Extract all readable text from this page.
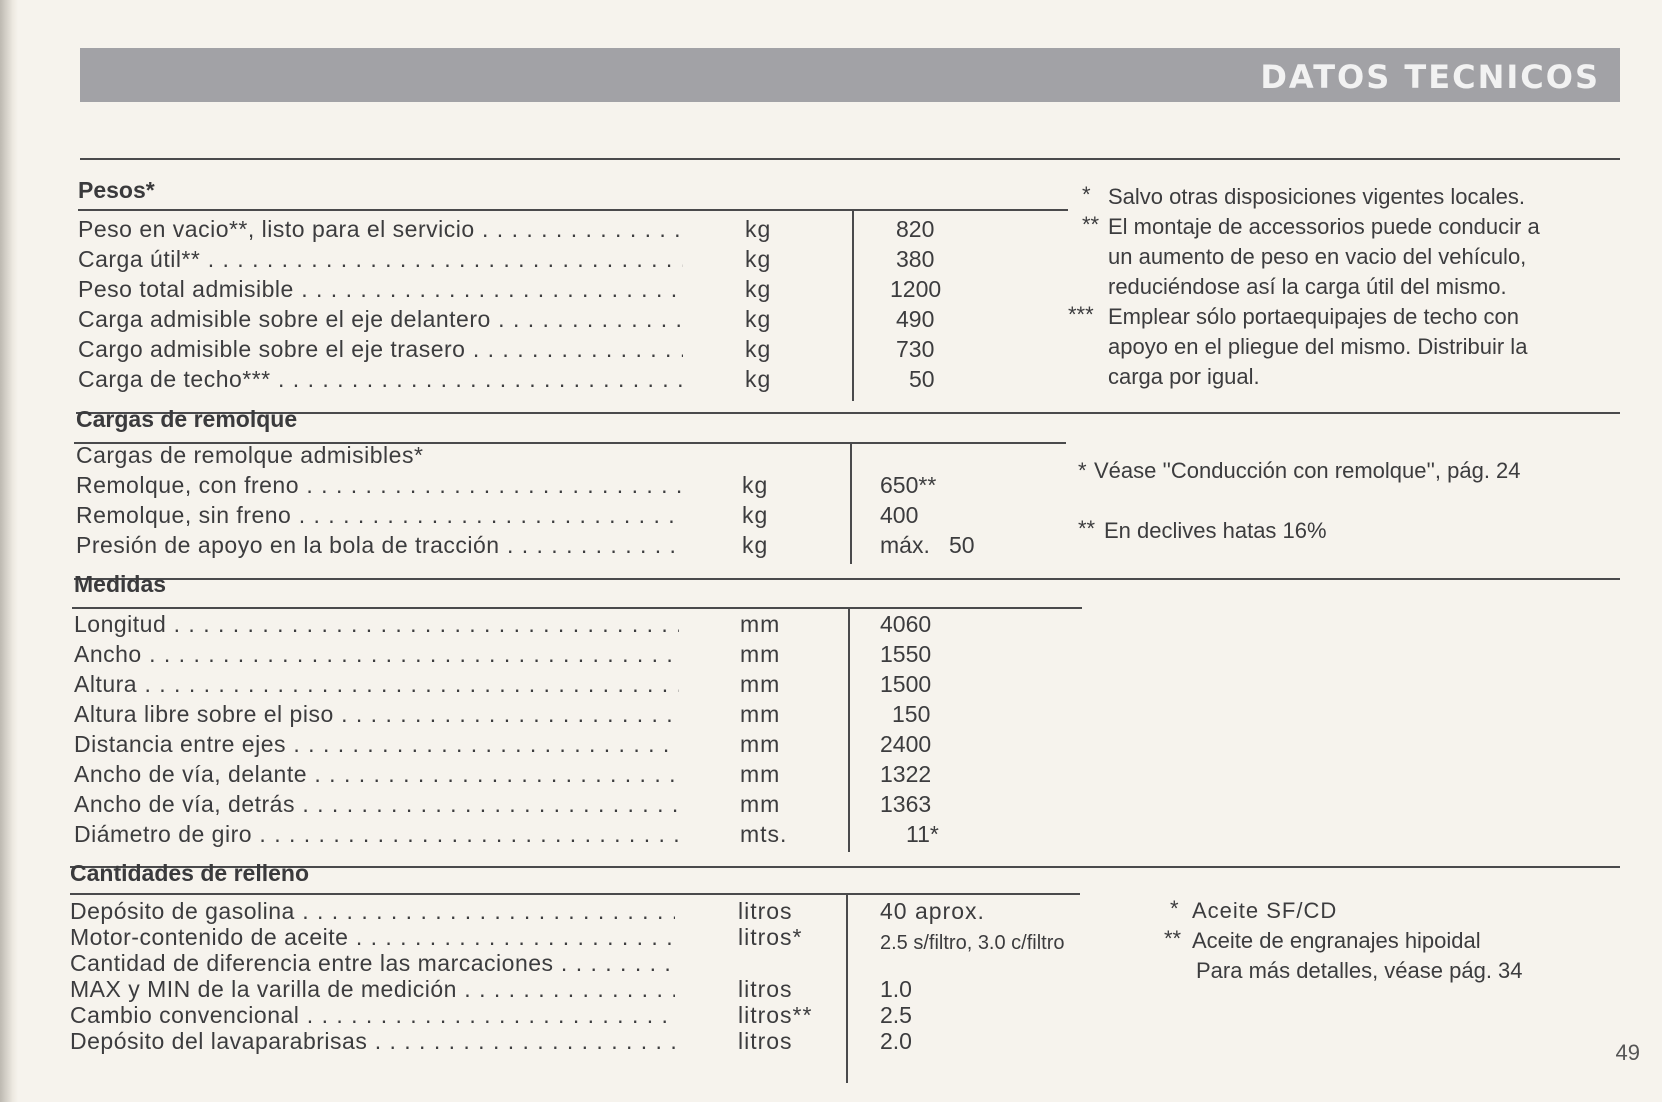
DATOS TECNICOS
Pesos*
Peso en vacio**, listo para el servicio . . .	kg	820
Carga útil** . . .	kg	380
Peso total admisible . . .	kg	1200
Carga admisible sobre el eje delantero . . .	kg	490
Cargo admisible sobre el eje trasero . . .	kg	730
Carga de techo*** . . .	kg	50
* Salvo otras disposiciones vigentes locales.
** El montaje de accessorios puede conducir a
un aumento de peso en vacio del vehículo,
reduciéndose así la carga útil del mismo.
*** Emplear sólo portaequipajes de techo con
apoyo en el pliegue del mismo. Distribuir la
carga por igual.
Cargas de remolque
Cargas de remolque admisibles*
Remolque, con freno . . .	kg	650**
Remolque, sin freno . . .	kg	400
Presión de apoyo en la bola de tracción . . .	kg	máx.   50
* Véase ''Conducción con remolque'', pág. 24
** En declives hatas 16%
Medidas
Longitud . . .	mm	4060
Ancho . . .	mm	1550
Altura . . .	mm	1500
Altura libre sobre el piso . . .	mm	150
Distancia entre ejes . . .	mm	2400
Ancho de vía, delante . . .	mm	1322
Ancho de vía, detrás . . .	mm	1363
Diámetro de giro . . .	mts.	11*
Cantidades de relleno
Depósito de gasolina . . .	litros	40 aprox.
Motor-contenido de aceite . . .	litros*	2.5 s/filtro, 3.0 c/filtro
Cantidad de diferencia entre las marcaciones . . .
MAX y MIN de la varilla de medición . . .	litros	1.0
Cambio convencional . . .	litros**	2.5
Depósito del lavaparabrisas . . .	litros	2.0
* Aceite SF/CD
** Aceite de engranajes hipoidal
Para más detalles, véase pág. 34
49
